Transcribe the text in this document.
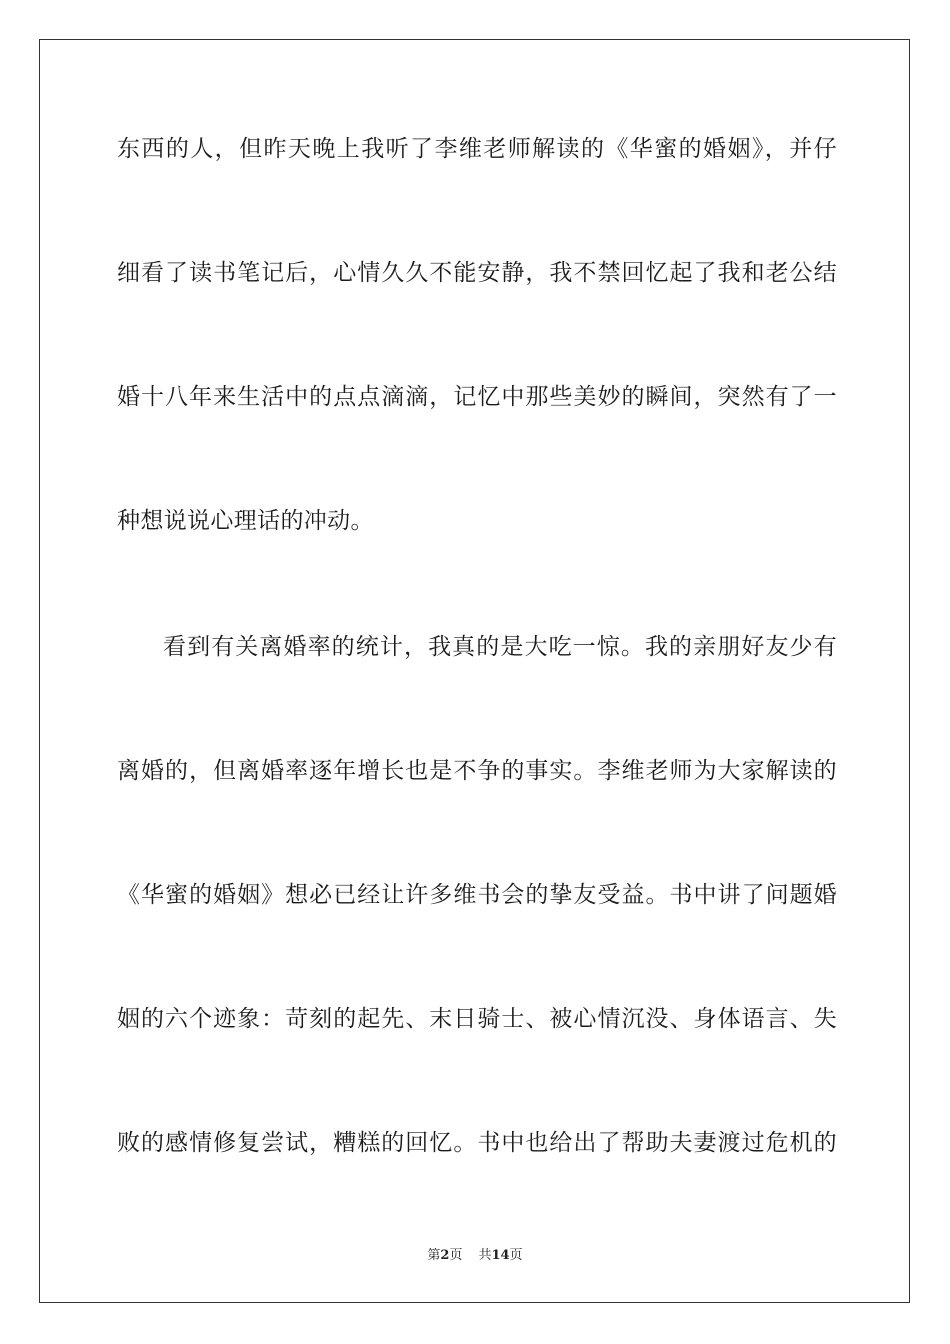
东西的人，但昨天晚上我听了李维老师解读的《华蜜的婚姻》，并仔
细看了读书笔记后，心情久久不能安静，我不禁回忆起了我和老公结
婚十八年来生活中的点点滴滴，记忆中那些美妙的瞬间，突然有了一
种想说说心理话的冲动。
看到有关离婚率的统计，我真的是大吃一惊。我的亲朋好友少有
离婚的，但离婚率逐年增长也是不争的事实。李维老师为大家解读的
《华蜜的婚姻》想必已经让许多维书会的挚友受益。书中讲了问题婚
姻的六个迹象：苛刻的起先、末日骑士、被心情沉没、身体语言、失
败的感情修复尝试，糟糕的回忆。书中也给出了帮助夫妻渡过危机的
第2页 共14页
